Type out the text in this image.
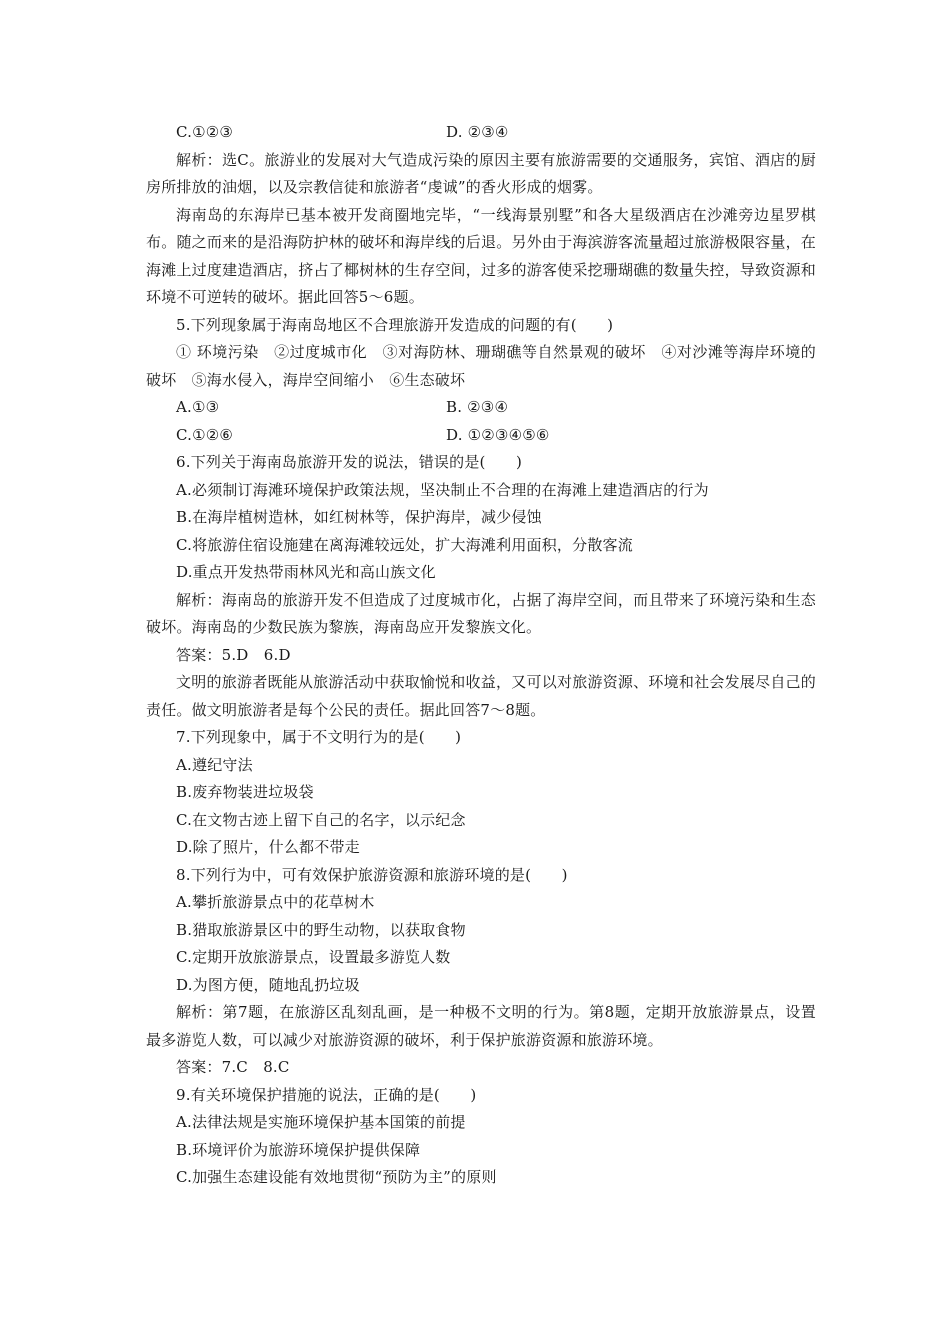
C.①②③	D. ②③④
解析：选C。旅游业的发展对大气造成污染的原因主要有旅游需要的交通服务，宾馆、酒店的厨房所排放的油烟，以及宗教信徒和旅游者“虔诚”的香火形成的烟雾。
海南岛的东海岸已基本被开发商圈地完毕，“一线海景别墅”和各大星级酒店在沙滩旁边星罗棋布。随之而来的是沿海防护林的破坏和海岸线的后退。另外由于海滨游客流量超过旅游极限容量，在海滩上过度建造酒店，挤占了椰树林的生存空间，过多的游客使采挖珊瑚礁的数量失控，导致资源和环境不可逆转的破坏。据此回答5～6题。
5.下列现象属于海南岛地区不合理旅游开发造成的问题的有(　　)
① 环境污染　②过度城市化　③对海防林、珊瑚礁等自然景观的破坏　④对沙滩等海岸环境的破坏　⑤海水侵入，海岸空间缩小　⑥生态破坏
A.①③	B. ②③④
C.①②⑥	D. ①②③④⑤⑥
6.下列关于海南岛旅游开发的说法，错误的是(　　)
A.必须制订海滩环境保护政策法规，坚决制止不合理的在海滩上建造酒店的行为
B.在海岸植树造林，如红树林等，保护海岸，减少侵蚀
C.将旅游住宿设施建在离海滩较远处，扩大海滩利用面积，分散客流
D.重点开发热带雨林风光和高山族文化
解析：海南岛的旅游开发不但造成了过度城市化，占据了海岸空间，而且带来了环境污染和生态破坏。海南岛的少数民族为黎族，海南岛应开发黎族文化。
答案：5.D　6.D
文明的旅游者既能从旅游活动中获取愉悦和收益，又可以对旅游资源、环境和社会发展尽自己的责任。做文明旅游者是每个公民的责任。据此回答7～8题。
7.下列现象中，属于不文明行为的是(　　)
A.遵纪守法
B.废弃物装进垃圾袋
C.在文物古迹上留下自己的名字，以示纪念
D.除了照片，什么都不带走
8.下列行为中，可有效保护旅游资源和旅游环境的是(　　)
A.攀折旅游景点中的花草树木
B.猎取旅游景区中的野生动物，以获取食物
C.定期开放旅游景点，设置最多游览人数
D.为图方便，随地乱扔垃圾
解析：第7题，在旅游区乱刻乱画，是一种极不文明的行为。第8题，定期开放旅游景点，设置最多游览人数，可以减少对旅游资源的破坏，利于保护旅游资源和旅游环境。
答案：7.C　8.C
9.有关环境保护措施的说法，正确的是(　　)
A.法律法规是实施环境保护基本国策的前提
B.环境评价为旅游环境保护提供保障
C.加强生态建设能有效地贯彻“预防为主”的原则
